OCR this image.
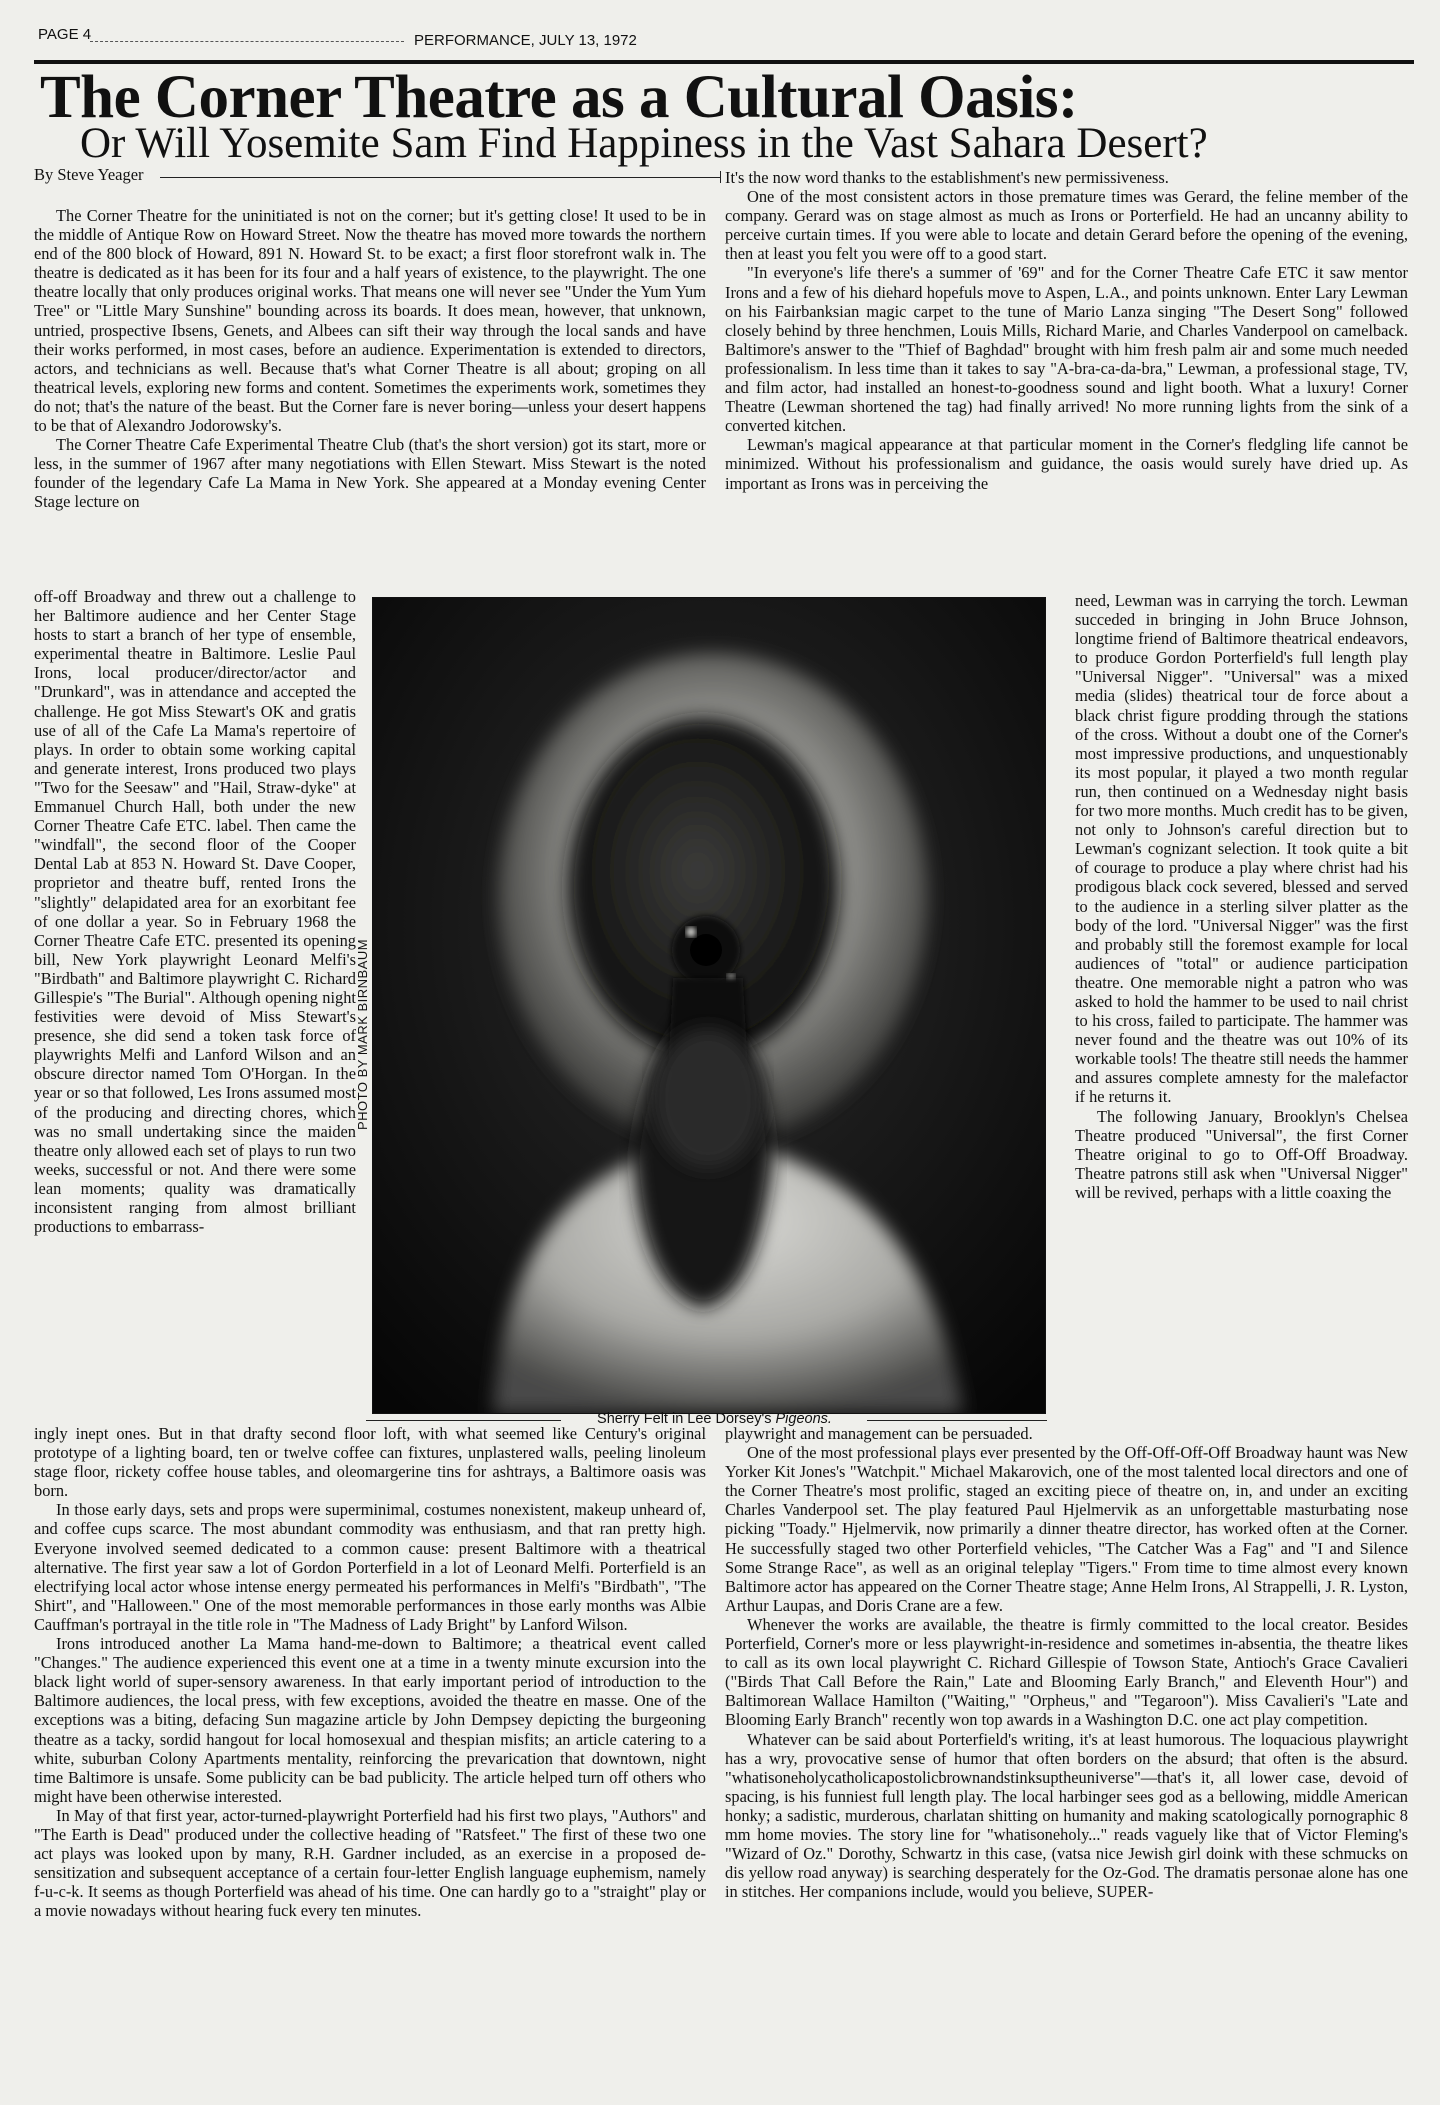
PAGE 4	PERFORMANCE, JULY 13, 1972
The Corner Theatre as a Cultural Oasis:
Or Will Yosemite Sam Find Happiness in the Vast Sahara Desert?
By Steve Yeager

The Corner Theatre for the uninitiated is not on the corner; but it's getting close! It used to be in the middle of Antique Row on Howard Street. Now the theatre has moved more towards the northern end of the 800 block of Howard, 891 N. Howard St. to be exact; a first floor storefront walk in. The theatre is dedicated as it has been for its four and a half years of existence, to the playwright. The one theatre locally that only produces original works. That means one will never see "Under the Yum Yum Tree" or "Little Mary Sunshine" bounding across its boards. It does mean, however, that unknown, untried, prospective Ibsens, Genets, and Albees can sift their way through the local sands and have their works performed, in most cases, before an audience. Experimentation is extended to directors, actors, and technicians as well. Because that's what Corner Theatre is all about; groping on all theatrical levels, exploring new forms and content. Sometimes the experiments work, sometimes they do not; that's the nature of the beast. But the Corner fare is never boring—unless your desert happens to be that of Alexandro Jodorowsky's.

The Corner Theatre Cafe Experimental Theatre Club (that's the short version) got its start, more or less, in the summer of 1967 after many negotiations with Ellen Stewart. Miss Stewart is the noted founder of the legendary Cafe La Mama in New York. She appeared at a Monday evening Center Stage lecture on

off-off Broadway and threw out a challenge to her Baltimore audience and her Center Stage hosts to start a branch of her type of ensemble, experimental theatre in Baltimore. Leslie Paul Irons, local producer/director/actor and "Drunkard", was in attendance and accepted the challenge. He got Miss Stewart's OK and gratis use of all of the Cafe La Mama's repertoire of plays. In order to obtain some working capital and generate interest, Irons produced two plays "Two for the Seesaw" and "Hail, Straw-dyke" at Emmanuel Church Hall, both under the new Corner Theatre Cafe ETC. label. Then came the "windfall", the second floor of the Cooper Dental Lab at 853 N. Howard St. Dave Cooper, proprietor and theatre buff, rented Irons the "slightly" delapidated area for an exorbitant fee of one dollar a year. So in February 1968 the Corner Theatre Cafe ETC. presented its opening bill, New York playwright Leonard Melfi's "Birdbath" and Baltimore playwright C. Richard Gillespie's "The Burial". Although opening night festivities were devoid of Miss Stewart's presence, she did send a token task force of playwrights Melfi and Lanford Wilson and an obscure director named Tom O'Horgan. In the year or so that followed, Les Irons assumed most of the producing and directing chores, which was no small undertaking since the maiden theatre only allowed each set of plays to run two weeks, successful or not. And there were some lean moments; quality was dramatically inconsistent ranging from almost brilliant productions to embarrass-

ingly inept ones. But in that drafty second floor loft, with what seemed like Century's original prototype of a lighting board, ten or twelve coffee can fixtures, unplastered walls, peeling linoleum stage floor, rickety coffee house tables, and oleomargerine tins for ashtrays, a Baltimore oasis was born.

In those early days, sets and props were superminimal, costumes nonexistent, makeup unheard of, and coffee cups scarce. The most abundant commodity was enthusiasm, and that ran pretty high. Everyone involved seemed dedicated to a common cause: present Baltimore with a theatrical alternative. The first year saw a lot of Gordon Porterfield in a lot of Leonard Melfi. Porterfield is an electrifying local actor whose intense energy permeated his performances in Melfi's "Birdbath", "The Shirt", and "Halloween." One of the most memorable performances in those early months was Albie Cauffman's portrayal in the title role in "The Madness of Lady Bright" by Lanford Wilson.

Irons introduced another La Mama hand-me-down to Baltimore; a theatrical event called "Changes." The audience experienced this event one at a time in a twenty minute excursion into the black light world of super-sensory awareness. In that early important period of introduction to the Baltimore audiences, the local press, with few exceptions, avoided the theatre en masse. One of the exceptions was a biting, defacing Sun magazine article by John Dempsey depicting the burgeoning theatre as a tacky, sordid hangout for local homosexual and thespian misfits; an article catering to a white, suburban Colony Apartments mentality, reinforcing the prevarication that downtown, night time Baltimore is unsafe. Some publicity can be bad publicity. The article helped turn off others who might have been otherwise interested.

In May of that first year, actor-turned-playwright Porterfield had his first two plays, "Authors" and "The Earth is Dead" produced under the collective heading of "Ratsfeet." The first of these two one act plays was looked upon by many, R.H. Gardner included, as an exercise in a proposed de-sensitization and subsequent acceptance of a certain four-letter English language euphemism, namely f-u-c-k. It seems as though Porterfield was ahead of his time. One can hardly go to a "straight" play or a movie nowadays without hearing fuck every ten minutes.

It's the now word thanks to the establishment's new permissiveness.

One of the most consistent actors in those premature times was Gerard, the feline member of the company. Gerard was on stage almost as much as Irons or Porterfield. He had an uncanny ability to perceive curtain times. If you were able to locate and detain Gerard before the opening of the evening, then at least you felt you were off to a good start.

"In everyone's life there's a summer of '69" and for the Corner Theatre Cafe ETC it saw mentor Irons and a few of his diehard hopefuls move to Aspen, L.A., and points unknown. Enter Lary Lewman on his Fairbanksian magic carpet to the tune of Mario Lanza singing "The Desert Song" followed closely behind by three henchmen, Louis Mills, Richard Marie, and Charles Vanderpool on camelback. Baltimore's answer to the "Thief of Baghdad" brought with him fresh palm air and some much needed professionalism. In less time than it takes to say "A-bra-ca-da-bra," Lewman, a professional stage, TV, and film actor, had installed an honest-to-goodness sound and light booth. What a luxury! Corner Theatre (Lewman shortened the tag) had finally arrived! No more running lights from the sink of a converted kitchen.

Lewman's magical appearance at that particular moment in the Corner's fledgling life cannot be minimized. Without his professionalism and guidance, the oasis would surely have dried up. As important as Irons was in perceiving the

need, Lewman was in carrying the torch. Lewman succeded in bringing in John Bruce Johnson, longtime friend of Baltimore theatrical endeavors, to produce Gordon Porterfield's full length play "Universal Nigger". "Universal" was a mixed media (slides) theatrical tour de force about a black christ figure prodding through the stations of the cross. Without a doubt one of the Corner's most impressive productions, and unquestionably its most popular, it played a two month regular run, then continued on a Wednesday night basis for two more months. Much credit has to be given, not only to Johnson's careful direction but to Lewman's cognizant selection. It took quite a bit of courage to produce a play where christ had his prodigous black cock severed, blessed and served to the audience in a sterling silver platter as the body of the lord. "Universal Nigger" was the first and probably still the foremost example for local audiences of "total" or audience participation theatre. One memorable night a patron who was asked to hold the hammer to be used to nail christ to his cross, failed to participate. The hammer was never found and the theatre was out 10% of its workable tools! The theatre still needs the hammer and assures complete amnesty for the malefactor if he returns it.

The following January, Brooklyn's Chelsea Theatre produced "Universal", the first Corner Theatre original to go to Off-Off Broadway. Theatre patrons still ask when "Universal Nigger" will be revived, perhaps with a little coaxing the

playwright and management can be persuaded.

One of the most professional plays ever presented by the Off-Off-Off-Off Broadway haunt was New Yorker Kit Jones's "Watchpit." Michael Makarovich, one of the most talented local directors and one of the Corner Theatre's most prolific, staged an exciting piece of theatre on, in, and under an exciting Charles Vanderpool set. The play featured Paul Hjelmervik as an unforgettable masturbating nose picking "Toady." Hjelmervik, now primarily a dinner theatre director, has worked often at the Corner. He successfully staged two other Porterfield vehicles, "The Catcher Was a Fag" and "I and Silence Some Strange Race", as well as an original teleplay "Tigers." From time to time almost every known Baltimore actor has appeared on the Corner Theatre stage; Anne Helm Irons, Al Strappelli, J. R. Lyston, Arthur Laupas, and Doris Crane are a few.

Whenever the works are available, the theatre is firmly committed to the local creator. Besides Porterfield, Corner's more or less playwright-in-residence and sometimes in-absentia, the theatre likes to call as its own local playwright C. Richard Gillespie of Towson State, Antioch's Grace Cavalieri ("Birds That Call Before the Rain," Late and Blooming Early Branch," and Eleventh Hour") and Baltimorean Wallace Hamilton ("Waiting," "Orpheus," and "Tegaroon"). Miss Cavalieri's "Late and Blooming Early Branch" recently won top awards in a Washington D.C. one act play competition.

Whatever can be said about Porterfield's writing, it's at least humorous. The loquacious playwright has a wry, provocative sense of humor that often borders on the absurd; that often is the absurd. "whatisoneholycatholicapostolicbrownandstinksuptheuniverse"—that's it, all lower case, devoid of spacing, is his funniest full length play. The local harbinger sees god as a bellowing, middle American honky; a sadistic, murderous, charlatan shitting on humanity and making scatologically pornographic 8 mm home movies. The story line for "whatisoneholy..." reads vaguely like that of Victor Fleming's "Wizard of Oz." Dorothy, Schwartz in this case, (vatsa nice Jewish girl doink with these schmucks on dis yellow road anyway) is searching desperately for the Oz-God. The dramatis personae alone has one in stitches. Her companions include, would you believe, SUPER-

PHOTO BY MARK BIRNBAUM
Sherry Felt in Lee Dorsey's Pigeons.
